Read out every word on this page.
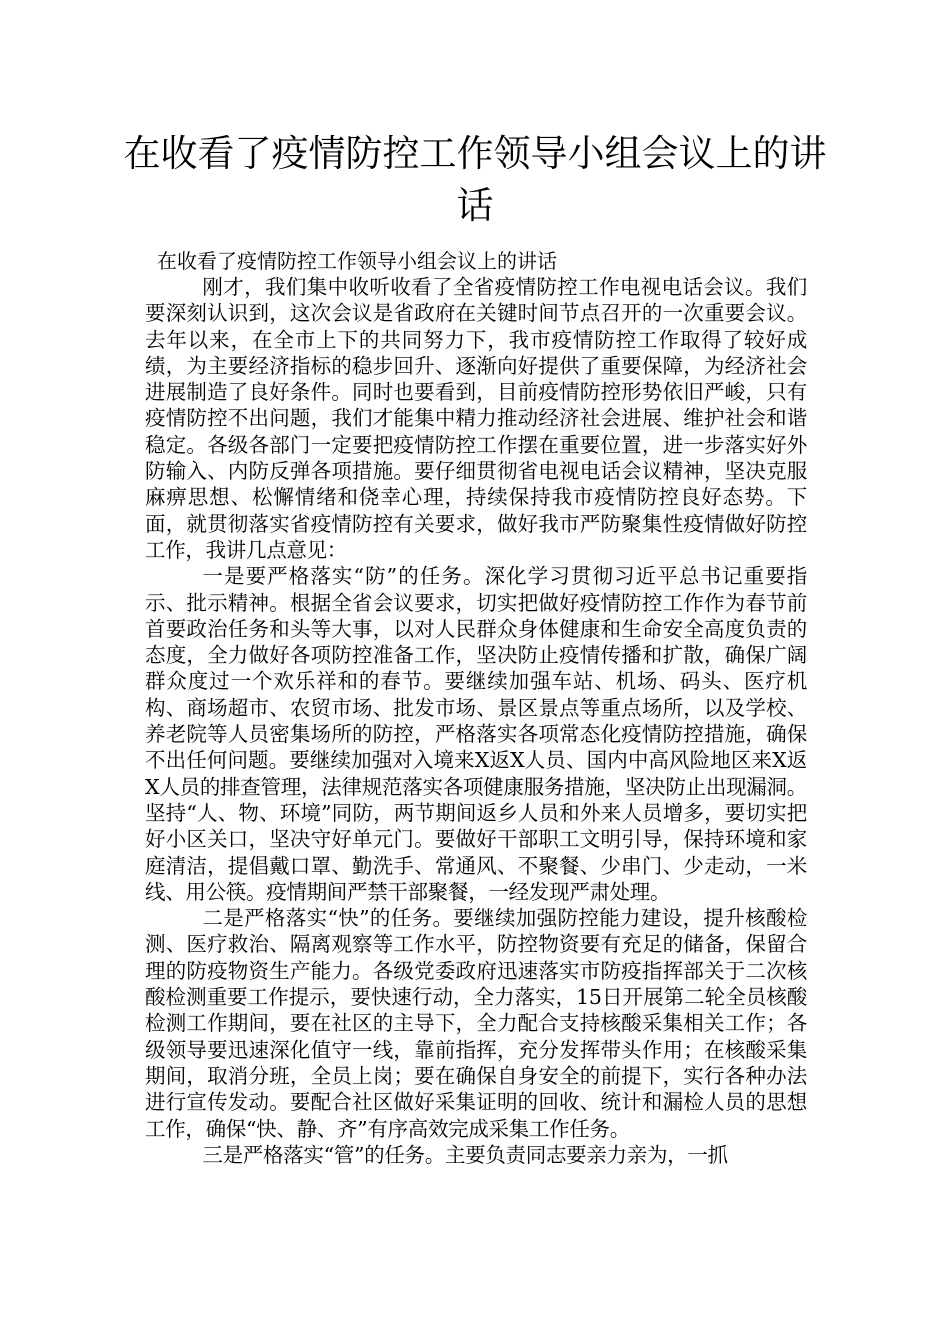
在收看了疫情防控工作领导小组会议上的讲话
在收看了疫情防控工作领导小组会议上的讲话

刚才，我们集中收听收看了全省疫情防控工作电视电话会议。我们要深刻认识到，这次会议是省政府在关键时间节点召开的一次重要会议。去年以来，在全市上下的共同努力下，我市疫情防控工作取得了较好成绩，为主要经济指标的稳步回升、逐渐向好提供了重要保障，为经济社会进展制造了良好条件。同时也要看到，目前疫情防控形势依旧严峻，只有疫情防控不出问题，我们才能集中精力推动经济社会进展、维护社会和谐稳定。各级各部门一定要把疫情防控工作摆在重要位置，进一步落实好外防输入、内防反弹各项措施。要仔细贯彻省电视电话会议精神，坚决克服麻痹思想、松懈情绪和侥幸心理，持续保持我市疫情防控良好态势。下面，就贯彻落实省疫情防控有关要求，做好我市严防聚集性疫情做好防控工作，我讲几点意见：

一是要严格落实“防”的任务。深化学习贯彻习近平总书记重要指示、批示精神。根据全省会议要求，切实把做好疫情防控工作作为春节前首要政治任务和头等大事，以对人民群众身体健康和生命安全高度负责的态度，全力做好各项防控准备工作，坚决防止疫情传播和扩散，确保广阔群众度过一个欢乐祥和的春节。要继续加强车站、机场、码头、医疗机构、商场超市、农贸市场、批发市场、景区景点等重点场所，以及学校、养老院等人员密集场所的防控，严格落实各项常态化疫情防控措施，确保不出任何问题。要继续加强对入境来X返X人员、国内中高风险地区来X返X人员的排查管理，法律规范落实各项健康服务措施，坚决防止出现漏洞。坚持“人、物、环境”同防，两节期间返乡人员和外来人员增多，要切实把好小区关口，坚决守好单元门。要做好干部职工文明引导，保持环境和家庭清洁，提倡戴口罩、勤洗手、常通风、不聚餐、少串门、少走动，一米线、用公筷。疫情期间严禁干部聚餐，一经发现严肃处理。

二是严格落实“快”的任务。要继续加强防控能力建设，提升核酸检测、医疗救治、隔离观察等工作水平，防控物资要有充足的储备，保留合理的防疫物资生产能力。各级党委政府迅速落实市防疫指挥部关于二次核酸检测重要工作提示，要快速行动，全力落实，15日开展第二轮全员核酸检测工作期间，要在社区的主导下，全力配合支持核酸采集相关工作；各级领导要迅速深化值守一线，靠前指挥，充分发挥带头作用；在核酸采集期间，取消分班，全员上岗；要在确保自身安全的前提下，实行各种办法进行宣传发动。要配合社区做好采集证明的回收、统计和漏检人员的思想工作，确保“快、静、齐”有序高效完成采集工作任务。

三是严格落实“管”的任务。主要负责同志要亲力亲为，一抓
